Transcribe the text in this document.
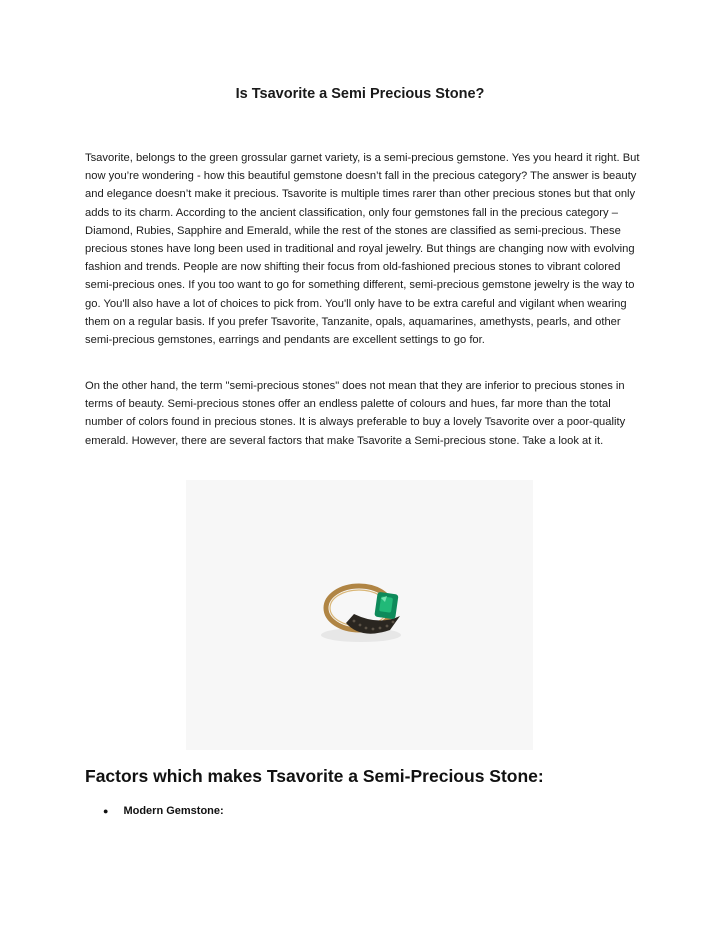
Is Tsavorite a Semi Precious Stone?
Tsavorite, belongs to the green grossular garnet variety, is a semi-precious gemstone. Yes you heard it right. But now you’re wondering - how this beautiful gemstone doesn’t fall in the precious category? The answer is beauty and elegance doesn’t make it precious. Tsavorite is multiple times rarer than other precious stones but that only adds to its charm. According to the ancient classification, only four gemstones fall in the precious category – Diamond, Rubies, Sapphire and Emerald, while the rest of the stones are classified as semi-precious. These precious stones have long been used in traditional and royal jewelry. But things are changing now with evolving fashion and trends. People are now shifting their focus from old-fashioned precious stones to vibrant colored semi-precious ones. If you too want to go for something different, semi-precious gemstone jewelry is the way to go. You'll also have a lot of choices to pick from. You'll only have to be extra careful and vigilant when wearing them on a regular basis. If you prefer Tsavorite, Tanzanite, opals, aquamarines, amethysts, pearls, and other semi-precious gemstones, earrings and pendants are excellent settings to go for.
On the other hand, the term "semi-precious stones" does not mean that they are inferior to precious stones in terms of beauty. Semi-precious stones offer an endless palette of colours and hues, far more than the total number of colors found in precious stones. It is always preferable to buy a lovely Tsavorite over a poor-quality emerald. However, there are several factors that make Tsavorite a Semi-precious stone. Take a look at it.
Factors which makes Tsavorite a Semi-Precious Stone:
● Modern Gemstone:
